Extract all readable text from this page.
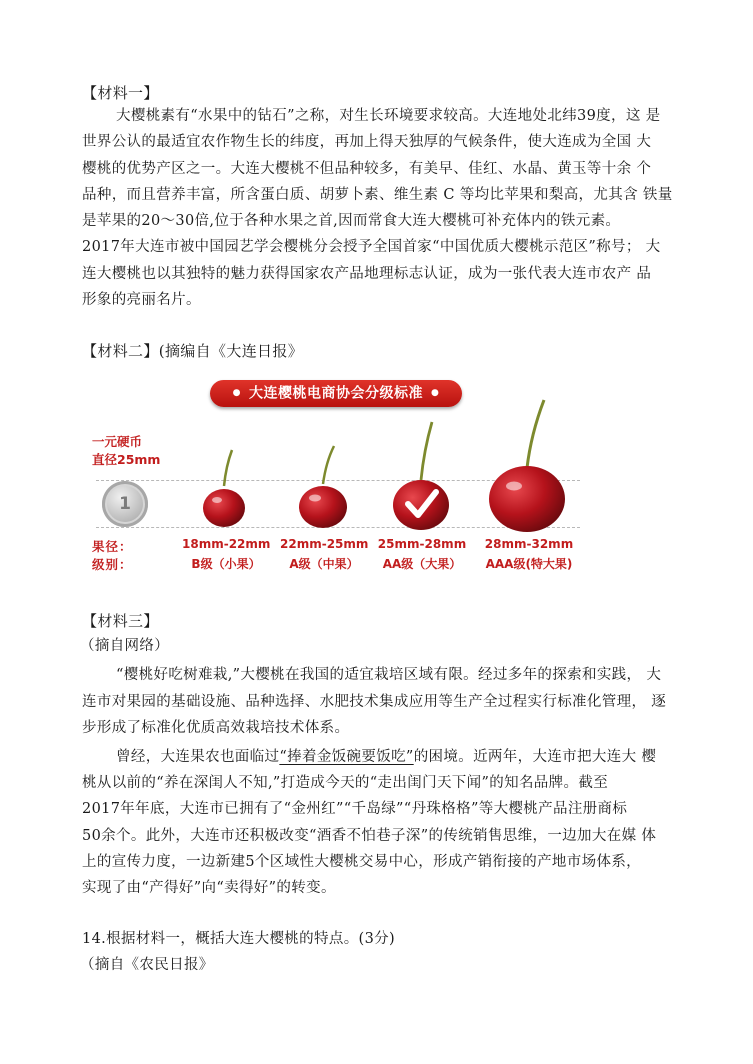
【材料一】
大樱桃素有“水果中的钻石”之称，对生长环境要求较高。大连地处北纬39度，这 是
世界公认的最适宜农作物生长的纬度，再加上得天独厚的气候条件，使大连成为全国 大
樱桃的优势产区之一。大连大樱桃不但品种较多，有美早、佳红、水晶、黄玉等十余 个
品种，而且营养丰富，所含蛋白质、胡萝卜素、维生素 C 等均比苹果和梨高，尤其含 铁量
是苹果的20～30倍,位于各种水果之首,因而常食大连大樱桃可补充体内的铁元素。
2017年大连市被中国园艺学会樱桃分会授予全国首家“中国优质大樱桃示范区”称号； 大
连大樱桃也以其独特的魅力获得国家农产品地理标志认证，成为一张代表大连市农产 品
形象的亮丽名片。
【材料二】(摘编自《大连日报》
● 大连樱桃电商协会分级标准 ●
一元硬币
直径25mm
1
果径：
级别：
18mm-22mm
B级（小果）
22mm-25mm
A级（中果）
25mm-28mm
AA级（大果）
28mm-32mm
AAA级(特大果)
【材料三】
（摘自网络）
“樱桃好吃树难栽,”大樱桃在我国的适宜栽培区域有限。经过多年的探索和实践， 大
连市对果园的基础设施、品种选择、水肥技术集成应用等生产全过程实行标准化管理， 逐
步形成了标准化优质高效栽培技术体系。
曾经，大连果农也面临过“捧着金饭碗要饭吃”的困境。近两年，大连市把大连大 樱
桃从以前的“养在深闺人不知,”打造成今天的“走出闺门天下闻”的知名品牌。截至
2017年年底，大连市已拥有了“金州红”“千岛绿”“丹珠格格”等大樱桃产品注册商标
50余个。此外，大连市还积极改变“酒香不怕巷子深”的传统销售思维，一边加大在媒 体
上的宣传力度，一边新建5个区域性大樱桃交易中心，形成产销衔接的产地市场体系，
实现了由“产得好”向“卖得好”的转变。
14.根据材料一，概括大连大樱桃的特点。(3分)
（摘自《农民日报》
